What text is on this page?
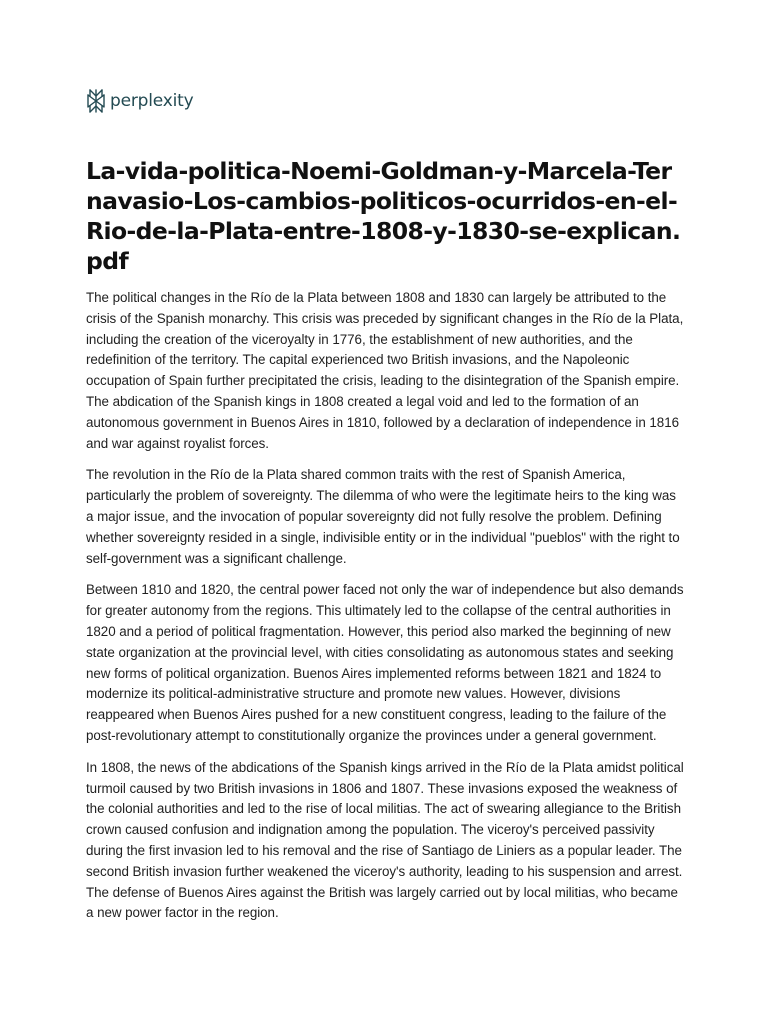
perplexity
La-vida-politica-Noemi-Goldman-y-Marcela-Ternavasio-Los-cambios-politicos-ocurridos-en-el-Rio-de-la-Plata-entre-1808-y-1830-se-explican.pdf

The political changes in the Río de la Plata between 1808 and 1830 can largely be attributed to the crisis of the Spanish monarchy. This crisis was preceded by significant changes in the Río de la Plata, including the creation of the viceroyalty in 1776, the establishment of new authorities, and the redefinition of the territory. The capital experienced two British invasions, and the Napoleonic occupation of Spain further precipitated the crisis, leading to the disintegration of the Spanish empire. The abdication of the Spanish kings in 1808 created a legal void and led to the formation of an autonomous government in Buenos Aires in 1810, followed by a declaration of independence in 1816 and war against royalist forces.

The revolution in the Río de la Plata shared common traits with the rest of Spanish America, particularly the problem of sovereignty. The dilemma of who were the legitimate heirs to the king was a major issue, and the invocation of popular sovereignty did not fully resolve the problem. Defining whether sovereignty resided in a single, indivisible entity or in the individual "pueblos" with the right to self-government was a significant challenge.

Between 1810 and 1820, the central power faced not only the war of independence but also demands for greater autonomy from the regions. This ultimately led to the collapse of the central authorities in 1820 and a period of political fragmentation. However, this period also marked the beginning of new state organization at the provincial level, with cities consolidating as autonomous states and seeking new forms of political organization. Buenos Aires implemented reforms between 1821 and 1824 to modernize its political-administrative structure and promote new values. However, divisions reappeared when Buenos Aires pushed for a new constituent congress, leading to the failure of the post-revolutionary attempt to constitutionally organize the provinces under a general government.

In 1808, the news of the abdications of the Spanish kings arrived in the Río de la Plata amidst political turmoil caused by two British invasions in 1806 and 1807. These invasions exposed the weakness of the colonial authorities and led to the rise of local militias. The act of swearing allegiance to the British crown caused confusion and indignation among the population. The viceroy's perceived passivity during the first invasion led to his removal and the rise of Santiago de Liniers as a popular leader. The second British invasion further weakened the viceroy's authority, leading to his suspension and arrest. The defense of Buenos Aires against the British was largely carried out by local militias, who became a new power factor in the region.
